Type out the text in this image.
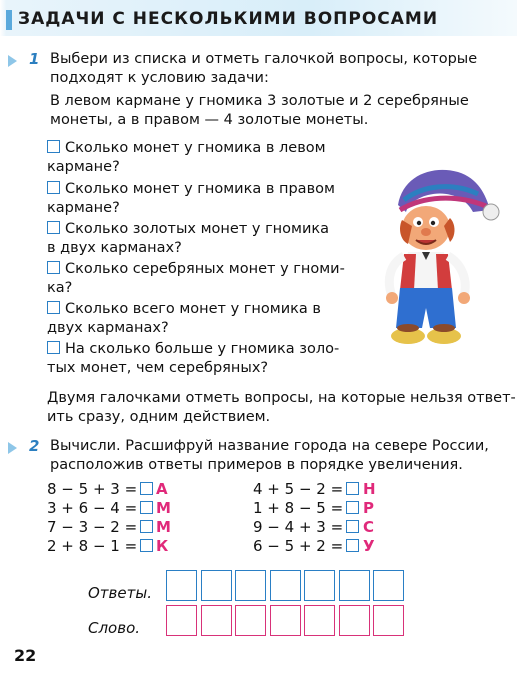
ЗАДАЧИ С НЕСКОЛЬКИМИ ВОПРОСАМИ
1 Выбери из списка и отметь галочкой вопросы, которые
подходят к условию задачи:
В левом кармане у гномика 3 золотые и 2 серебряные
монеты, а в правом — 4 золотые монеты.
Сколько монет у гномика в левом
кармане?
Сколько монет у гномика в правом
кармане?
Сколько золотых монет у гномика
в двух карманах?
Сколько серебряных монет у гноми-
ка?
Сколько всего монет у гномика в
двух карманах?
На сколько больше у гномика золо-
тых монет, чем серебряных?
Двумя галочками отметь вопросы, на которые нельзя ответ-
ить сразу, одним действием.
2 Вычисли. Расшифруй название города на севере России,
расположив ответы примеров в порядке увеличения.
8 − 5 + 3 =	А
3 + 6 − 4 =	М
7 − 3 − 2 =	М
2 + 8 − 1 =	К
4 + 5 − 2 =	Н
1 + 8 − 5 =	Р
9 − 4 + 3 =	С
6 − 5 + 2 =	У
Ответы.
Слово.
22
